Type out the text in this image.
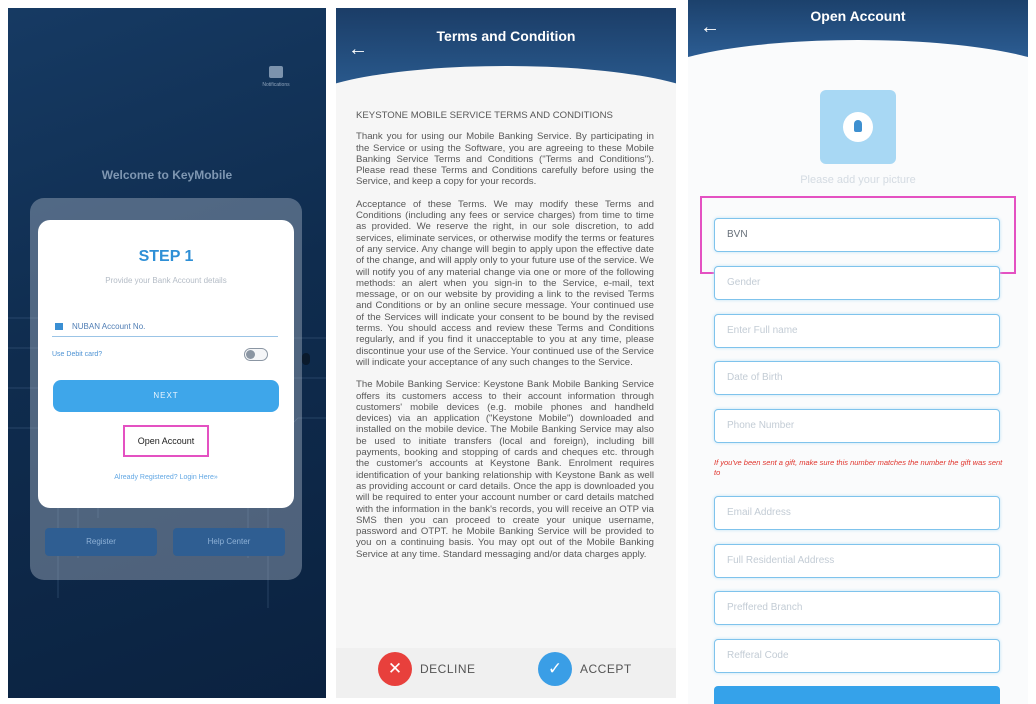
Notifications
Welcome to KeyMobile
STEP 1
Provide your Bank Account details
NUBAN Account No.
Use Debit card?
NEXT
Open Account
Already Registered? Login Here»
Register	Help Center
←
Terms and Condition

KEYSTONE MOBILE SERVICE TERMS AND CONDITIONS

Thank you for using our Mobile Banking Service. By participating in the Service or using the Software, you are agreeing to these Mobile Banking Service Terms and Conditions ("Terms and Conditions"). Please read these Terms and Conditions carefully before using the Service, and keep a copy for your records.

Acceptance of these Terms. We may modify these Terms and Conditions (including any fees or service charges) from time to time as provided. We reserve the right, in our sole discretion, to add services, eliminate services, or otherwise modify the terms or features of any service. Any change will begin to apply upon the effective date of the change, and will apply only to your future use of the service. We will notify you of any material change via one or more of the following methods: an alert when you sign-in to the Service, e-mail, text message, or on our website by providing a link to the revised Terms and Conditions or by an online secure message. Your continued use of the Services will indicate your consent to be bound by the revised terms. You should access and review these Terms and Conditions regularly, and if you find it unacceptable to you at any time, please discontinue your use of the Service. Your continued use of the Service will indicate your acceptance of any such changes to the Service.

The Mobile Banking Service: Keystone Bank Mobile Banking Service offers its customers access to their account information through customers' mobile devices (e.g. mobile phones and handheld devices) via an application ("Keystone Mobile") downloaded and installed on the mobile device. The Mobile Banking Service may also be used to initiate transfers (local and foreign), including bill payments, booking and stopping of cards and cheques etc. through the customer's accounts at Keystone Bank. Enrolment requires identification of your banking relationship with Keystone Bank as well as providing account or card details. Once the app is downloaded you will be required to enter your account number or card details matched with the information in the bank's records, you will receive an OTP via SMS then you can proceed to create your unique username, password and OTPT. he Mobile Banking Service will be provided to you on a continuing basis. You may opt out of the Mobile Banking Service at any time. Standard messaging and/or data charges apply.

✕	DECLINE	✓	ACCEPT
←	Open Account
Please add your picture
BVN
Gender
Enter Full name
Date of Birth
Phone Number
If you've been sent a gift, make sure this number matches the number the gift was sent to
Email Address
Full Residential Address
Preffered Branch
Refferal Code
